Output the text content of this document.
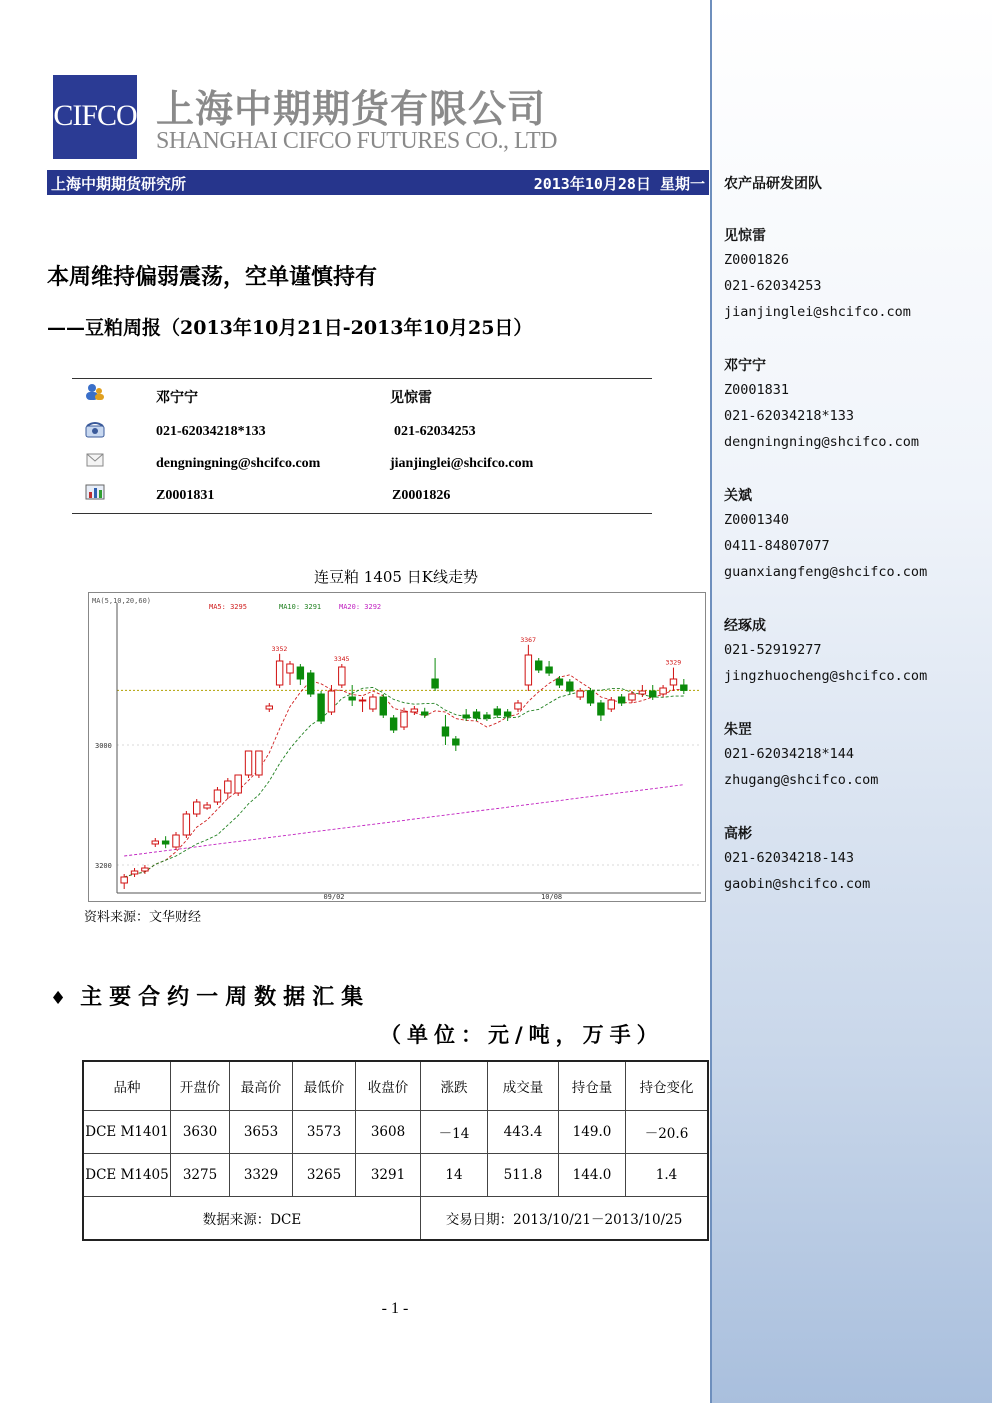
农产品研发团队
见惊雷
Z0001826
021-62034253
jianjinglei@shcifco.com
邓宁宁
Z0001831
021-62034218*133
dengningning@shcifco.com
关斌
Z0001340
0411-84807077
guanxiangfeng@shcifco.com
经琢成
021-52919277
jingzhuocheng@shcifco.com
朱罡
021-62034218*144
zhugang@shcifco.com
高彬
021-62034218-143
gaobin@shcifco.com
CIFCO 上海中期期货有限公司
SHANGHAI CIFCO FUTURES CO., LTD
上海中期期货研究所	2013年10月28日 星期一
本周维持偏弱震荡，空单谨慎持有
——豆粕周报（2013年10月21日-2013年10月25日）
邓宁宁	见惊雷
021-62034218*133	021-62034253
dengningning@shcifco.com	jianjinglei@shcifco.com
Z0001831	Z0001826
连豆粕 1405 日K线走势
MA(5,10,20,60)
MA5: 3295	MA10: 3291	MA20: 3292
3200
3000
09/02	10/08
3352
3345
3367
3329
资料来源：文华财经
♦ 主要合约一周数据汇集
（单位：元/吨，万手）
品种	开盘价	最高价	最低价	收盘价	涨跌	成交量	持仓量	持仓变化
DCE M1401	3630	3653	3573	3608	－14	443.4	149.0	－20.6
DCE M1405	3275	3329	3265	3291	14	511.8	144.0	1.4
数据来源：DCE					交易日期：2013/10/21－2013/10/25			
- 1 -
